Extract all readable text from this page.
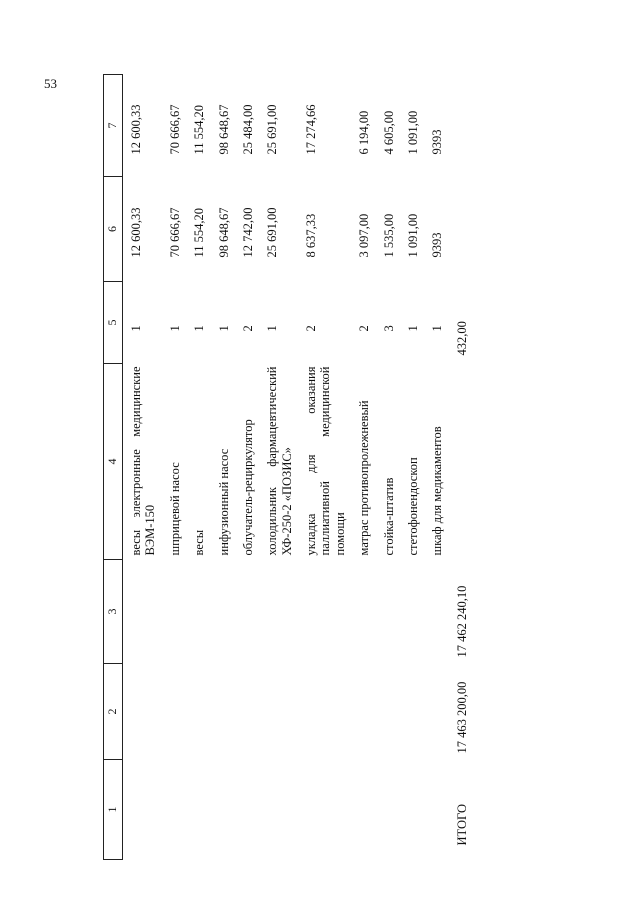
53
1	2	3	4	5	6	7
			весы электронные медицинские ВЭМ-150	1	12 600,33	12 600,33
			шприцевой насос	1	70 666,67	70 666,67
			весы	1	11 554,20	11 554,20
			инфузионный насос	1	98 648,67	98 648,67
			облучатель-рециркулятор	2	12 742,00	25 484,00
			холодильник фармацевтический ХФ-250-2 «ПОЗИС»	1	25 691,00	25 691,00
			укладка для оказания паллиативной медицинской помощи	2	8 637,33	17 274,66
			матрас противопролежневый	2	3 097,00	6 194,00
			стойка-штатив	3	1 535,00	4 605,00
			стетофонендоскоп	1	1 091,00	1 091,00
			шкаф для медикаментов	1	9393	9393
ИТОГО	17 463 200,00	17 462 240,10		432,00		
